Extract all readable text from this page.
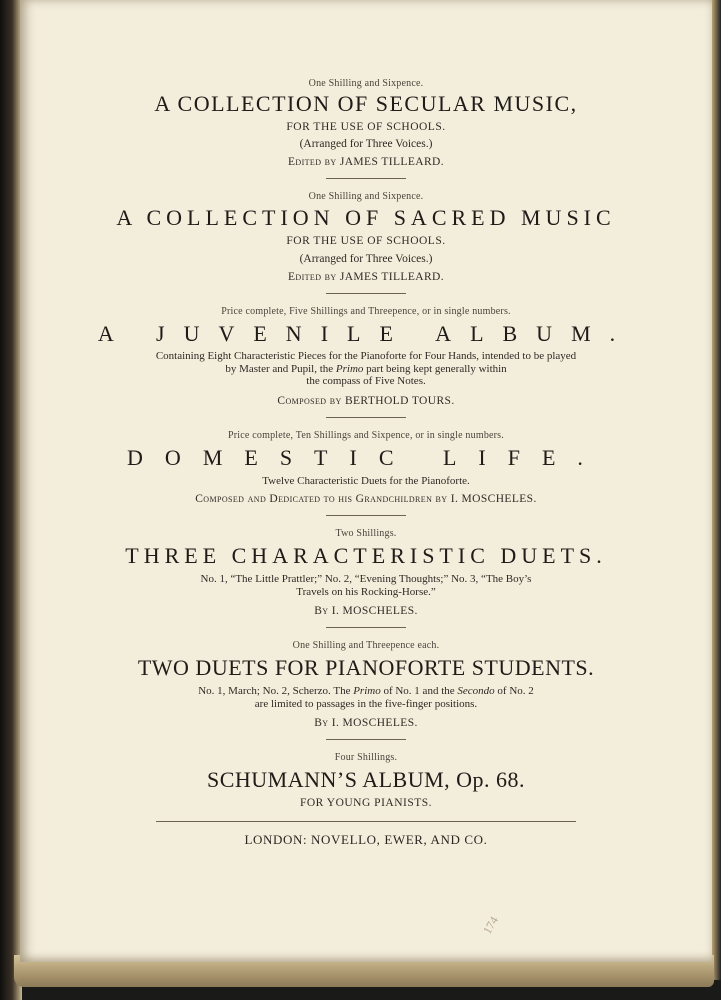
One Shilling and Sixpence.
A COLLECTION OF SECULAR MUSIC,
FOR THE USE OF SCHOOLS.
(Arranged for Three Voices.)
Edited by JAMES TILLEARD.
One Shilling and Sixpence.
A COLLECTION OF SACRED MUSIC
FOR THE USE OF SCHOOLS.
(Arranged for Three Voices.)
Edited by JAMES TILLEARD.
Price complete, Five Shillings and Threepence, or in single numbers.
A JUVENILE ALBUM.
Containing Eight Characteristic Pieces for the Pianoforte for Four Hands, intended to be played
by Master and Pupil, the Primo part being kept generally within
the compass of Five Notes.
Composed by BERTHOLD TOURS.
Price complete, Ten Shillings and Sixpence, or in single numbers.
DOMESTIC LIFE.
Twelve Characteristic Duets for the Pianoforte.
Composed and Dedicated to his Grandchildren by I. MOSCHELES.
Two Shillings.
THREE CHARACTERISTIC DUETS.
No. 1, “The Little Prattler;” No. 2, “Evening Thoughts;” No. 3, “The Boy’s
Travels on his Rocking-Horse.”
By I. MOSCHELES.
One Shilling and Threepence each.
TWO DUETS FOR PIANOFORTE STUDENTS.
No. 1, March; No. 2, Scherzo. The Primo of No. 1 and the Secondo of No. 2
are limited to passages in the five-finger positions.
By I. MOSCHELES.
Four Shillings.
SCHUMANN’S ALBUM, Op. 68.
FOR YOUNG PIANISTS.
LONDON: NOVELLO, EWER, AND CO.
174
